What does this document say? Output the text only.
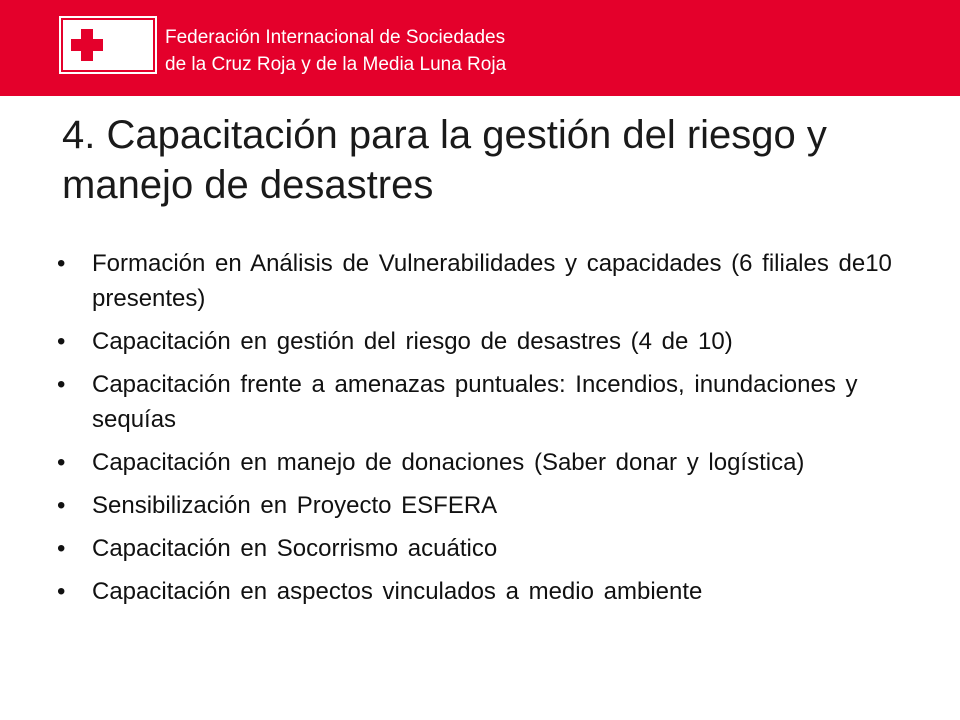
Federación Internacional de Sociedades
de la Cruz Roja y de la Media Luna Roja
4. Capacitación para la gestión del riesgo y manejo de desastres
• Formación en Análisis de Vulnerabilidades y capacidades (6 filiales de10 presentes)
• Capacitación en gestión del riesgo de desastres (4 de 10)
• Capacitación frente a amenazas puntuales: Incendios, inundaciones y sequías
• Capacitación en manejo de donaciones (Saber donar y logística)
• Sensibilización en Proyecto ESFERA
• Capacitación en Socorrismo acuático
• Capacitación en aspectos vinculados a medio ambiente
